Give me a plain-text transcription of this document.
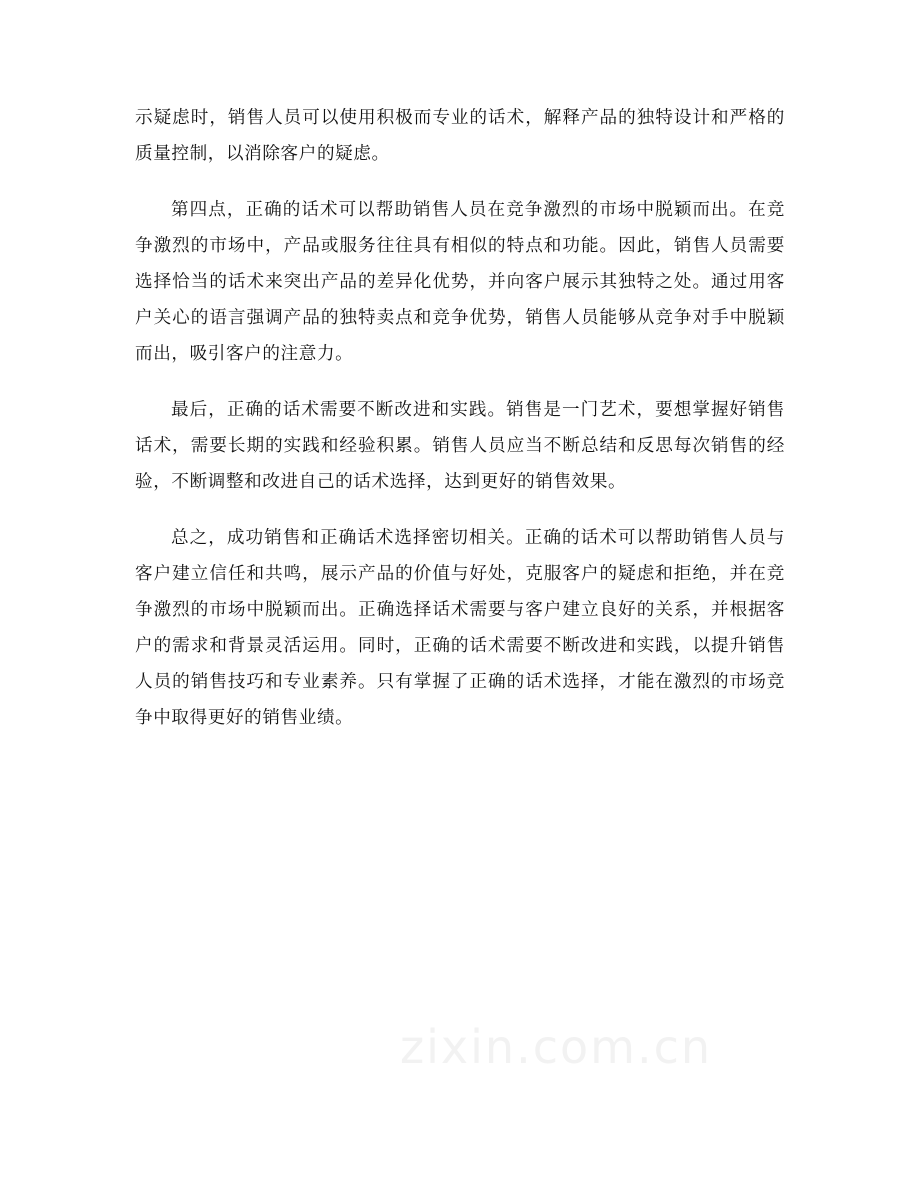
示疑虑时，销售人员可以使用积极而专业的话术，解释产品的独特设计和严格的质量控制，以消除客户的疑虑。

第四点，正确的话术可以帮助销售人员在竞争激烈的市场中脱颖而出。在竞争激烈的市场中，产品或服务往往具有相似的特点和功能。因此，销售人员需要选择恰当的话术来突出产品的差异化优势，并向客户展示其独特之处。通过用客户关心的语言强调产品的独特卖点和竞争优势，销售人员能够从竞争对手中脱颖而出，吸引客户的注意力。

最后，正确的话术需要不断改进和实践。销售是一门艺术，要想掌握好销售话术，需要长期的实践和经验积累。销售人员应当不断总结和反思每次销售的经验，不断调整和改进自己的话术选择，达到更好的销售效果。

总之，成功销售和正确话术选择密切相关。正确的话术可以帮助销售人员与客户建立信任和共鸣，展示产品的价值与好处，克服客户的疑虑和拒绝，并在竞争激烈的市场中脱颖而出。正确选择话术需要与客户建立良好的关系，并根据客户的需求和背景灵活运用。同时，正确的话术需要不断改进和实践，以提升销售人员的销售技巧和专业素养。只有掌握了正确的话术选择，才能在激烈的市场竞争中取得更好的销售业绩。

zixin.com.cn
